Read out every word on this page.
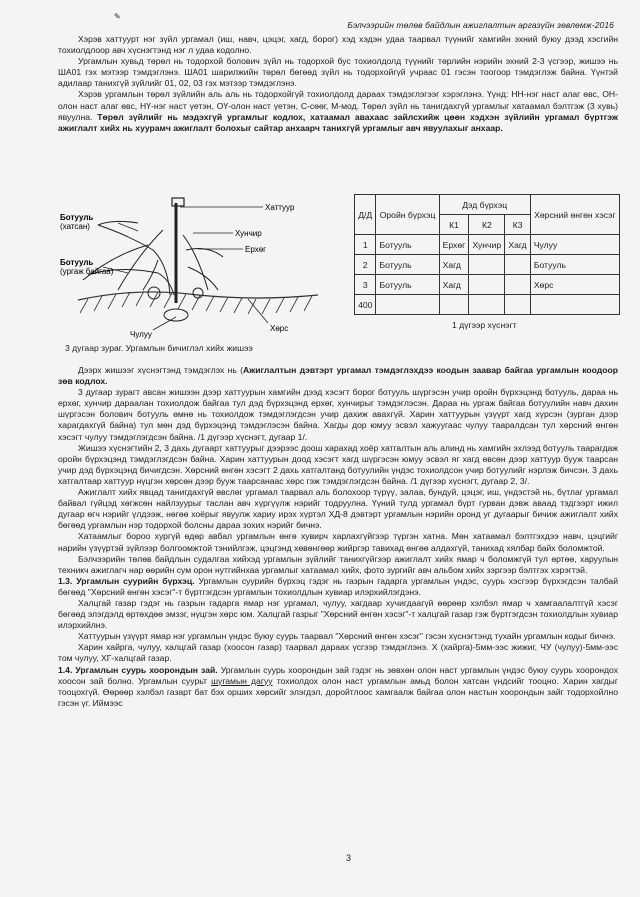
✎
Бэлчээрийн төлөв байдлын ажиглалтын аргазүйн зөвлөмж-2016

Хэрэв хаттуурт нэг зүйл ургамал (иш, навч, цэцэг, хагд, борог) хэд хэдэн удаа таарвал түүнийг хамгийн эхний буюу дээд хэсгийн тохиолдлоор авч хүснэгтэнд нэг л удаа кодолно.

Ургамлын хувьд төрөл нь тодорхой болович зүйл нь тодорхой бус тохиолдолд түүнийг төрлийн нэрийн эхний 2-3 үсгээр, жишээ нь ША01 гэх мэтээр тэмдэглэнэ. ША01 шарилжийн төрөл бөгөөд зүйл нь тодорхойгүй учраас 01 гэсэн тоогоор тэмдэглэж байна. Үүнтэй адилаар танихгүй зүйлийг 01, 02, 03 гэх мэтээр тэмдэглэнэ.

Хэрэв ургамлын төрөл зүйлийн аль аль нь тодорхойгүй тохиолдолд дараах тэмдэглэгээг хэрэглэнэ. Үүнд: НН-нэг наст алаг өвс, ОН-олон наст алаг өвс, НҮ-нэг наст үетэн, ОҮ-олон наст үетэн, С-сөөг, М-мод. Төрөл зүйл нь танигдахгүй ургамлыг хатаамал бэлтгэж (3 хувь) явуулна. Төрөл зүйлийг нь мэдэхгүй ургамлыг кодлох, хатаамал авахаас зайлсхийж цөөн хэдхэн зүйлийн ургамал бүртгэж ажиглалт хийх нь хуурамч ажиглалт болохыг сайтар анхаарч танихгүй ургамлыг авч явуулахыг анхаар.

Хаттуур
Ботууль
(хатсан)
Хунчир
Ерхөг
Ботууль
(ургаж байгаа)
Чулуу
Хөрс
Д/Д	Оройн бүрхэц	Дэд бүрхэц			Хөрсний өнгөн хэсэг
		К1	К2	К3	
1	Ботууль	Ерхөг	Хунчир	Хагд	Чулуу
2	Ботууль	Хагд			Ботууль
3	Ботууль	Хагд			Хөрс
400					
1 дүгээр хүснэгт
3 дугаар зураг. Ургамлын бичиглэл хийх жишээ

Дээрх жишээг хүснэгтэнд тэмдэглэх нь (Ажиглалтын дэвтэрт ургамал тэмдэглэхдээ коодын заавар байгаа ургамлын коодоор зөв кодлох.

3 дугаар зурагт авсан жишээн дээр хаттуурын хамгийн дээд хэсэгт борог ботууль шүргэсэн учир оройн бүрхэцэнд ботууль, дараа нь ерхөг, хунчир дараалан тохиолдож байгаа тул дэд бүрхэцэнд ерхөг, хунчирыг тэмдэглэсэн. Дараа нь ургаж байгаа ботуулийн навч дахин шүргэсэн болович ботууль өмнө нь тохиолдож тэмдэглэгдсэн учир дахиж авахгүй. Харин хаттуурын үзүүрт хагд хүрсэн (зурган дээр харагдахгүй байна) тул мөн дэд бүрхэцэнд тэмдэглэсэн байна. Хагды дор юмуу эсвэл хажуугаас чулуу тааралдсан тул хөрсний өнгөн хэсэгт чулуу тэмдэглэгдсэн байна. /1 дүгээр хүснэгт, дугаар 1/.

Жишээ хүснэгтийн 2, 3 дахь дугаарт хаттуурыг дээрээс доош харахад хоёр хатгалтын аль алинд нь хамгийн эхлээд ботууль таарагдаж оройн бүрхэцэнд тэмдэглэгдсэн байна. Харин хаттуурын доод хэсэгт хагд шүргэсэн юмуу эсвэл яг хагд өвсөн дээр хаттуур бууж таарсан учир дэд бүрхэцэнд бичигдсэн. Хөрсний өнгөн хэсэгт 2 дахь хатгалтанд ботуулийн үндэс тохиолдсон учир ботуулийг нэрлэж бичсэн. 3 дахь хатгалтаар хаттуур нүцгэн хөрсөн дээр бууж таарсанаас хөрс гэж тэмдэглэгдсэн байна. /1 дүгээр хүснэгт, дугаар 2, 3/.

Ажиглалт хийх явцад танигдахгүй өвслөг ургамал таарвал аль болохоор түрүү, залаа, бундуй, цэцэг, иш, үндэстэй нь, бүтлаг ургамал байвал гүйцэд хөгжсөн найлзуурыг таслан авч хүргүүлж нэрийг тодруулна. Үүний тулд ургамал бүрт гурван дэвж аваад тэдгээрт ижил дугаар өгч нэрийг үлдээж, нөгөө хоёрыг явуулж хариу ирэх хүртэл ХД-8 дэвтэрт ургамлын нэрийн оронд уг дугаарыг бичиж ажиглалт хийх бөгөөд ургамлын нэр тодорхой болсны дараа зохих нэрийг бичнэ.

Хатаамлыг бороо хургүй өдөр авбал ургамлын өнгө хувирч харлахгүйгээр түргэн хатна. Мөн хатаамал бэлтгэхдээ навч, цэцгийг нарийн үзүүртэй зүйлээр болгоомжтой тэнийлгэж, цэцгэнд хөвөнгөөр жийргэр тавихад өнгөө алдахгүй, танихад хялбар байх боломжтой.

Бэлчээрийн төлөв байдлын судалгаа хийхэд ургамлын зүйлийг танихгүйгээр ажиглалт хийх ямар ч боломжгүй тул өртөө, харуулын техникч ажиглагч нар өөрийн сум орон нутгийнхаа ургамлыг хатаамал хийх, фото зургийг авч альбом хийх зэргээр бэлтгэх хэрэгтэй.

1.3. Ургамлын суурийн бүрхэц. Ургамлын суурийн бүрхэц гэдэг нь газрын гадарга ургамлын үндэс, суурь хэсгээр бүрхэгдсэн талбай бөгөөд "Хөрсний өнгөн хэсэг"-т бүртгэгдсэн ургамлын тохиолдлын хувиар илэрхийлэгдэнэ.

Халцгай газар гэдэг нь газрын гадарга ямар нэг ургамал, чулуу, хагдаар хучигдаагүй өөрөөр хэлбэл ямар ч хамгаалалтгүй хэсэг бөгөөд элэгдэлд өртөхдөө эмзэг, нүцгэн хөрс юм. Халцгай газрыг "Хөрсний өнгөн хэсэг"-т халцгай газар гэж бүртгэгдсэн тохиолдлын хувиар илэрхийлнэ.

Хаттуурын үзүүрт ямар нэг ургамлын үндэс буюу суурь таарвал "Хөрсний өнгөн хэсэг" гэсэн хүснэгтэнд тухайн ургамлын кодыг бичнэ.

Харин хайрга, чулуу, халцгай газар (хоосон газар) таарвал дараах үсгээр тэмдэглэнэ. Х (хайрга)-5мм-ээс жижиг, ЧУ (чулуу)-5мм-ээс том чулуу, ХГ-халцгай газар.

1.4. Ургамлын суурь хоорондын зай. Ургамлын суурь хоорондын зай гэдэг нь зөвхөн олон наст ургамлын үндэс буюу суурь хоорондох хоосон зай болно. Ургамлын суурьт шугамын дагуу тохиолдох олон наст ургамлын амьд болон хатсан үндсийг тооцно. Харин хагдыг тооцохгүй. Өөрөөр хэлбэл газарт бат бэх орших хөрсийг элэгдэл, доройтлоос хамгаалж байгаа олон настын хоорондын зайг тодорхойлно гэсэн үг. Иймээс

3
